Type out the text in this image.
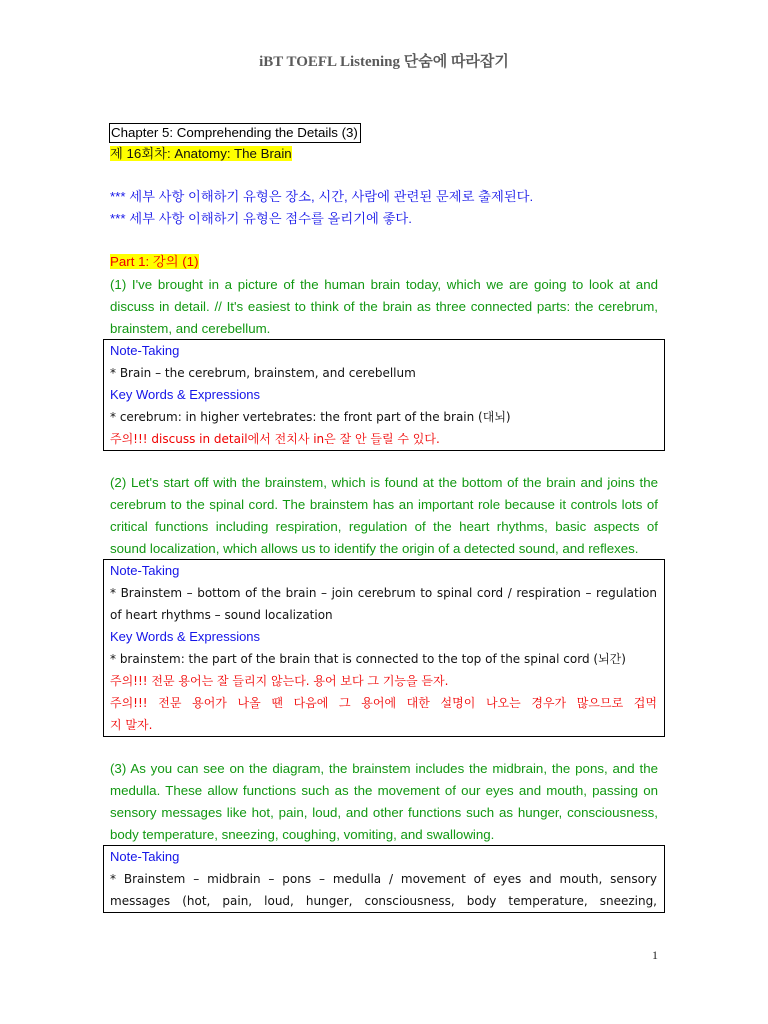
iBT TOEFL Listening 단숨에 따라잡기
Chapter 5: Comprehending the Details (3)
제 16회차: Anatomy: The Brain
*** 세부 사항 이해하기 유형은 장소, 시간, 사람에 관련된 문제로 출제된다.
*** 세부 사항 이해하기 유형은 점수를 올리기에 좋다.
Part 1: 강의 (1)
(1) I've brought in a picture of the human brain today, which we are going to look at and
discuss in detail. // It's easiest to think of the brain as three connected parts: the cerebrum,
brainstem, and cerebellum.
Note-Taking
* Brain – the cerebrum, brainstem, and cerebellum
Key Words & Expressions
* cerebrum: in higher vertebrates: the front part of the brain (대뇌)
주의!!! discuss in detail에서 전치사 in은 잘 안 들릴 수 있다.
(2) Let's start off with the brainstem, which is found at the bottom of the brain and joins the
cerebrum to the spinal cord. The brainstem has an important role because it controls lots of
critical functions including respiration, regulation of the heart rhythms, basic aspects of
sound localization, which allows us to identify the origin of a detected sound, and reflexes.
Note-Taking
* Brainstem – bottom of the brain – join cerebrum to spinal cord / respiration – regulation
of heart rhythms – sound localization
Key Words & Expressions
* brainstem: the part of the brain that is connected to the top of the spinal cord (뇌간)
주의!!! 전문 용어는 잘 들리지 않는다. 용어 보다 그 기능을 듣자.
주의!!! 전문 용어가 나올 땐 다음에 그 용어에 대한 설명이 나오는 경우가 많으므로 겁먹
지 말자.
(3) As you can see on the diagram, the brainstem includes the midbrain, the pons, and the
medulla. These allow functions such as the movement of our eyes and mouth, passing on
sensory messages like hot, pain, loud, and other functions such as hunger, consciousness,
body temperature, sneezing, coughing, vomiting, and swallowing.
Note-Taking
* Brainstem – midbrain – pons – medulla / movement of eyes and mouth, sensory
messages (hot, pain, loud, hunger, consciousness, body temperature, sneezing,
1
